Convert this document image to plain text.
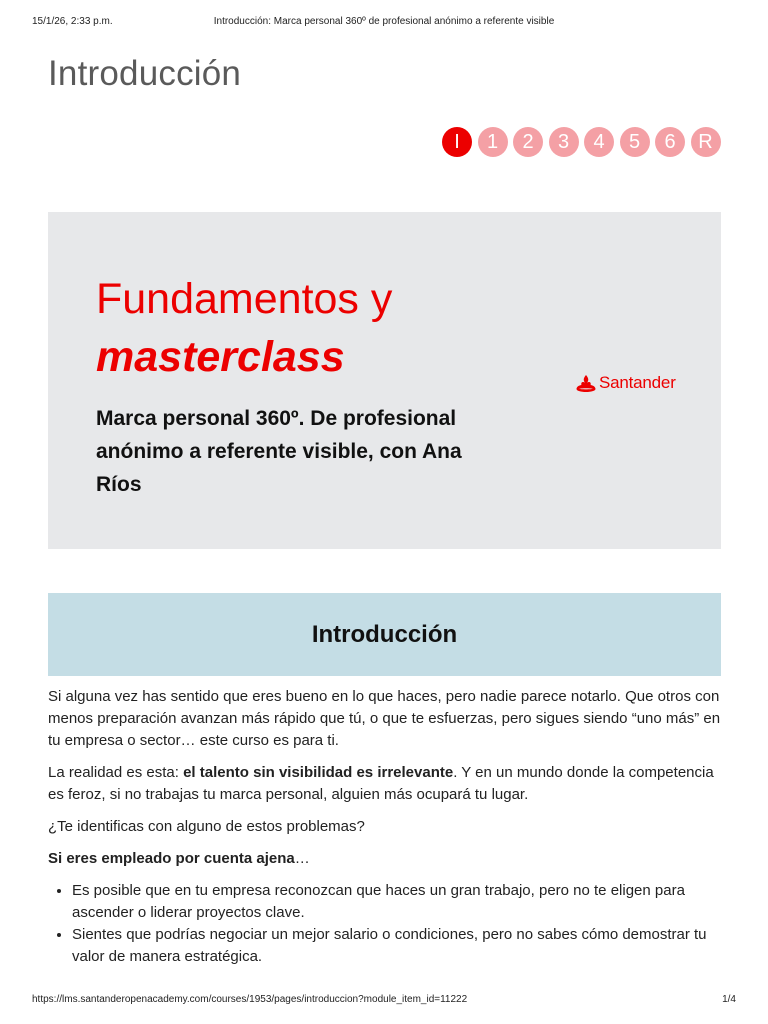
15/1/26, 2:33 p.m.	Introducción: Marca personal 360º de profesional anónimo a referente visible
Introducción
I	1	2	3	4	5	6	R
Fundamentos y
masterclass

Marca personal 360º. De profesional anónimo a referente visible, con Ana Ríos

Santander
Introducción

Si alguna vez has sentido que eres bueno en lo que haces, pero nadie parece notarlo. Que otros con menos preparación avanzan más rápido que tú, o que te esfuerzas, pero sigues siendo “uno más” en tu empresa o sector… este curso es para ti.

La realidad es esta: el talento sin visibilidad es irrelevante. Y en un mundo donde la competencia es feroz, si no trabajas tu marca personal, alguien más ocupará tu lugar.

¿Te identificas con alguno de estos problemas?

Si eres empleado por cuenta ajena…

• Es posible que en tu empresa reconozcan que haces un gran trabajo, pero no te eligen para ascender o liderar proyectos clave.
• Sientes que podrías negociar un mejor salario o condiciones, pero no sabes cómo demostrar tu valor de manera estratégica.
https://lms.santanderopenacademy.com/courses/1953/pages/introduccion?module_item_id=11222	1/4
